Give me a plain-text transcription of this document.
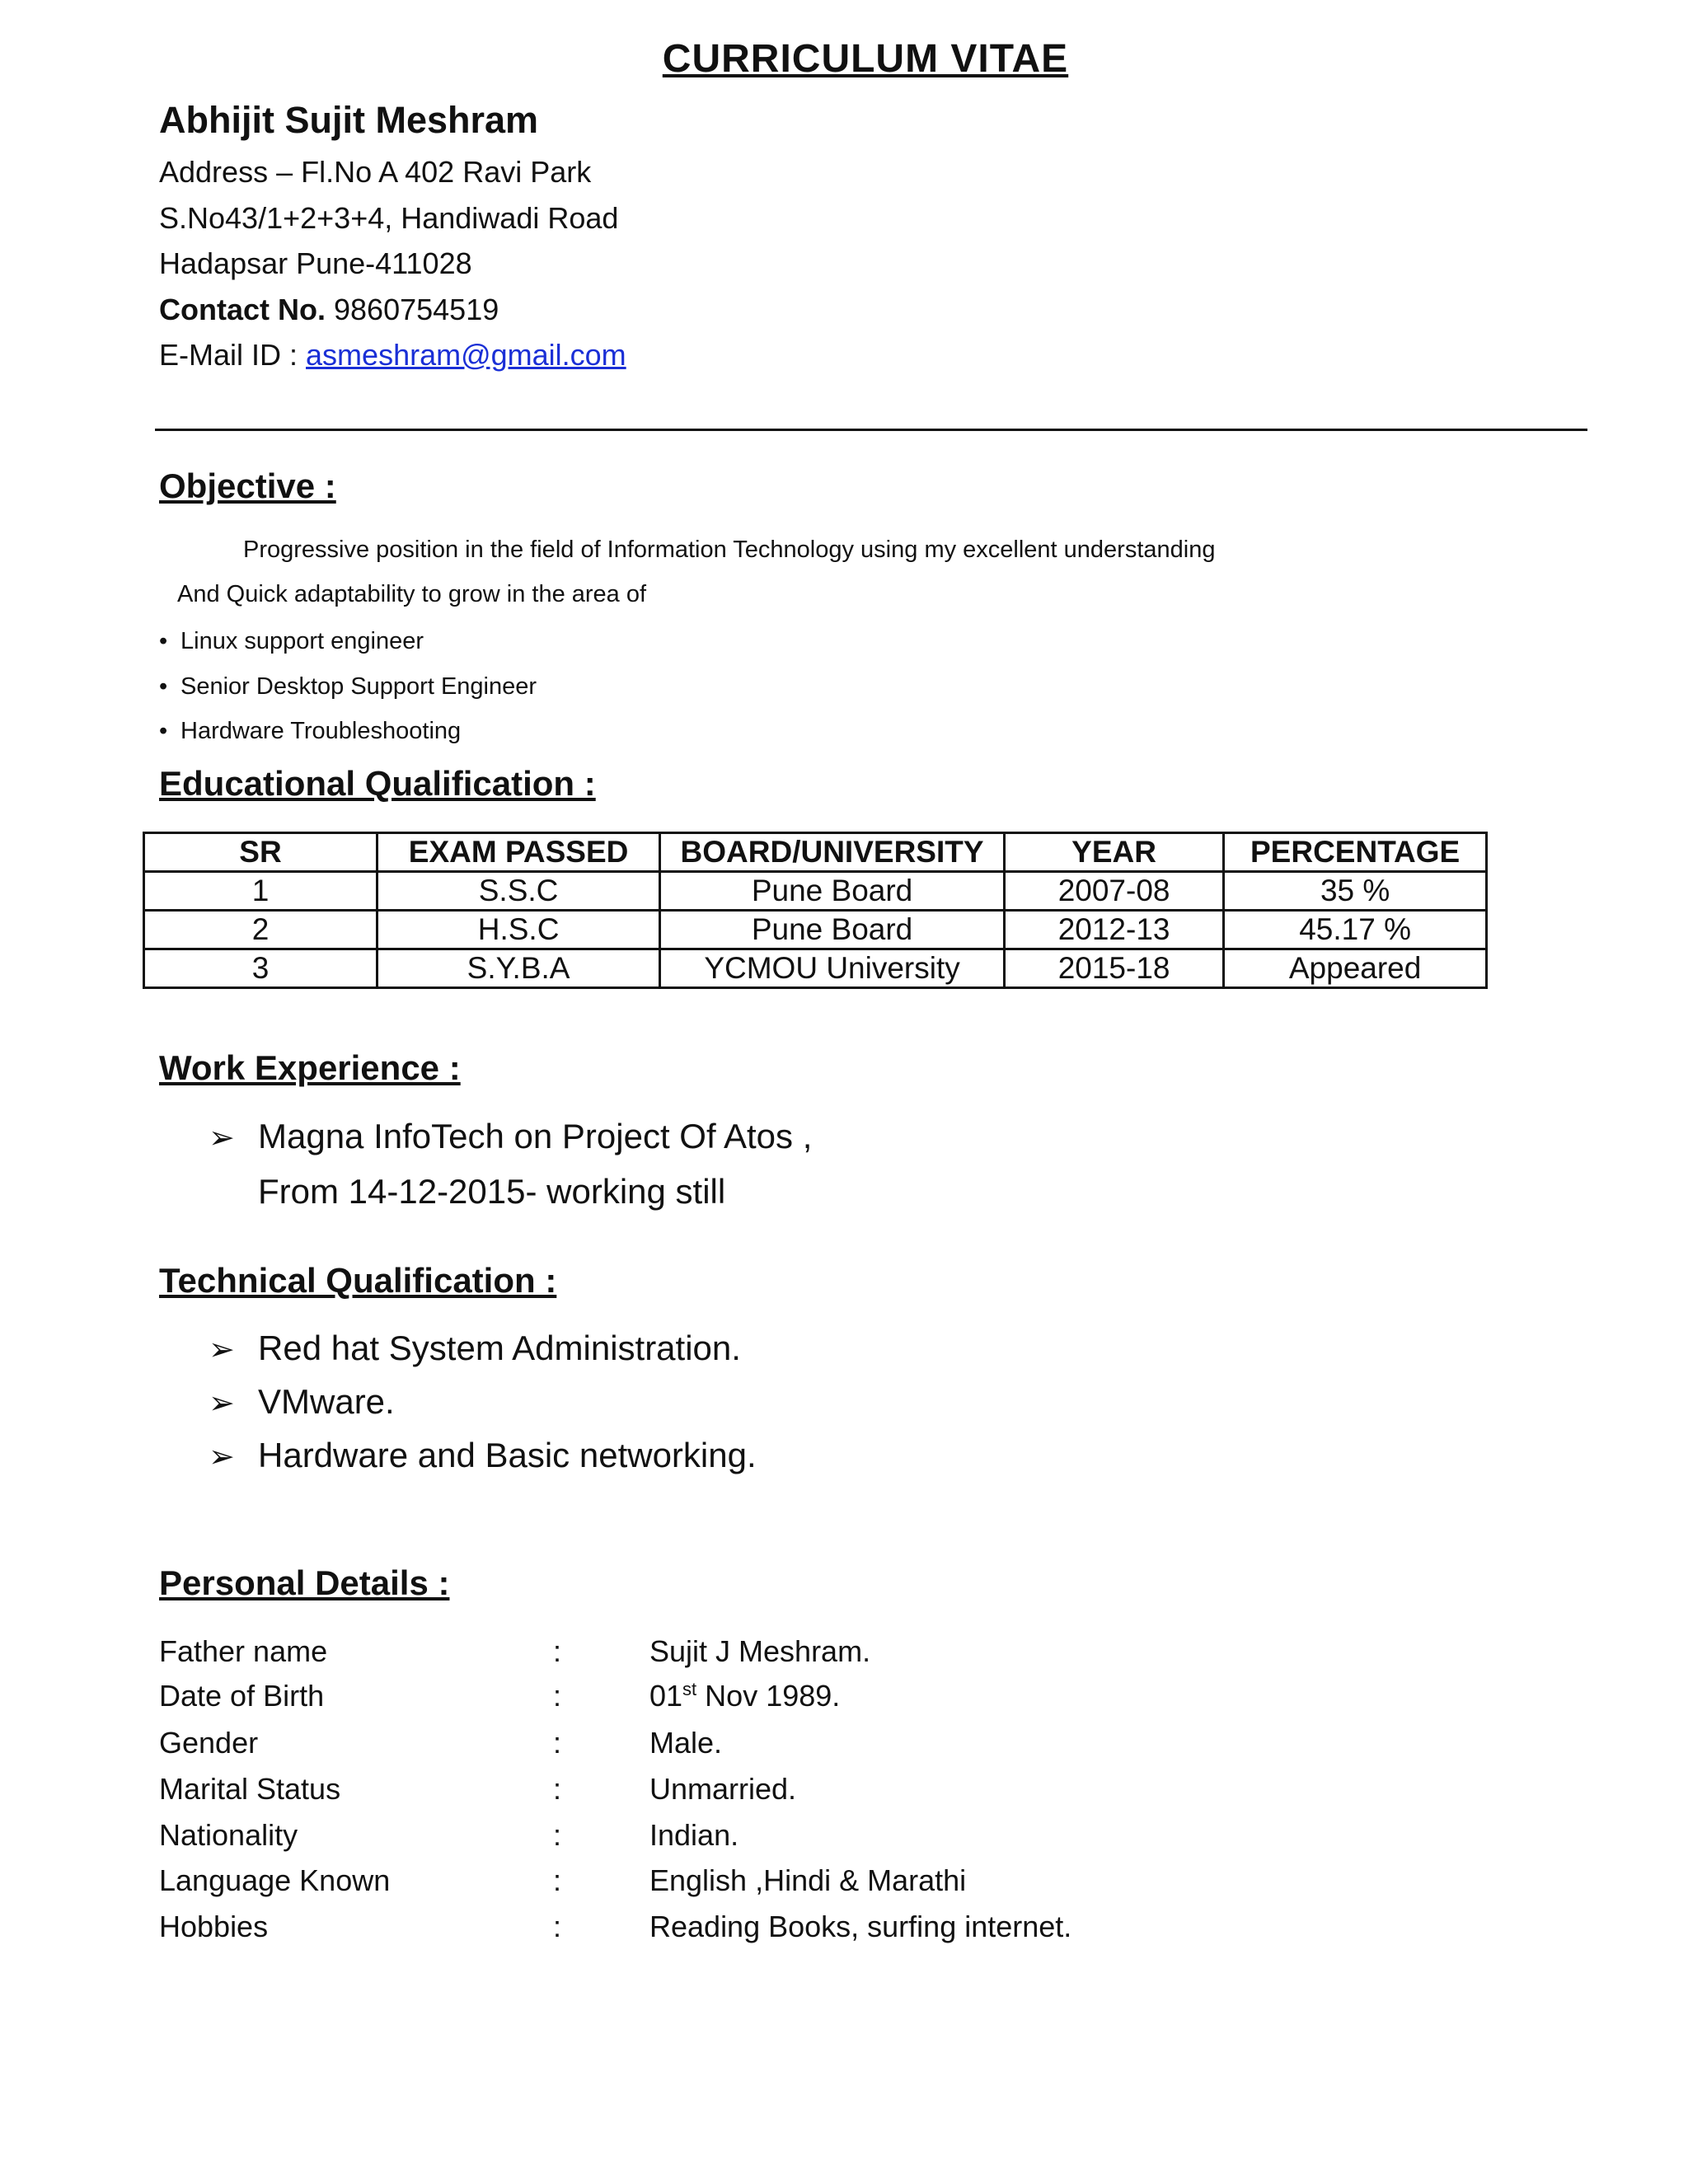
CURRICULUM VITAE
Abhijit Sujit Meshram
Address – Fl.No A 402 Ravi Park
S.No43/1+2+3+4, Handiwadi Road
Hadapsar Pune-411028
Contact No. 9860754519
E-Mail ID : asmeshram@gmail.com
Objective :
Progressive position in the field of Information Technology using my excellent understanding
And Quick adaptability to grow in the area of
• Linux support engineer
• Senior Desktop Support Engineer
• Hardware Troubleshooting
Educational Qualification :
SR	EXAM PASSED	BOARD/UNIVERSITY	YEAR	PERCENTAGE
1	S.S.C	Pune Board	2007-08	35 %
2	H.S.C	Pune Board	2012-13	45.17 %
3	S.Y.B.A	YCMOU University	2015-18	Appeared
Work Experience :
➢ Magna InfoTech on Project Of Atos ,
From 14-12-2015- working still
Technical Qualification :
➢ Red hat System Administration.
➢ VMware.
➢ Hardware and Basic networking.
Personal Details :
Father name	:	Sujit J Meshram.
Date of Birth	:	01st Nov 1989.
Gender	:	Male.
Marital Status	:	Unmarried.
Nationality	:	Indian.
Language Known	:	English ,Hindi & Marathi
Hobbies	:	Reading Books, surfing internet.
